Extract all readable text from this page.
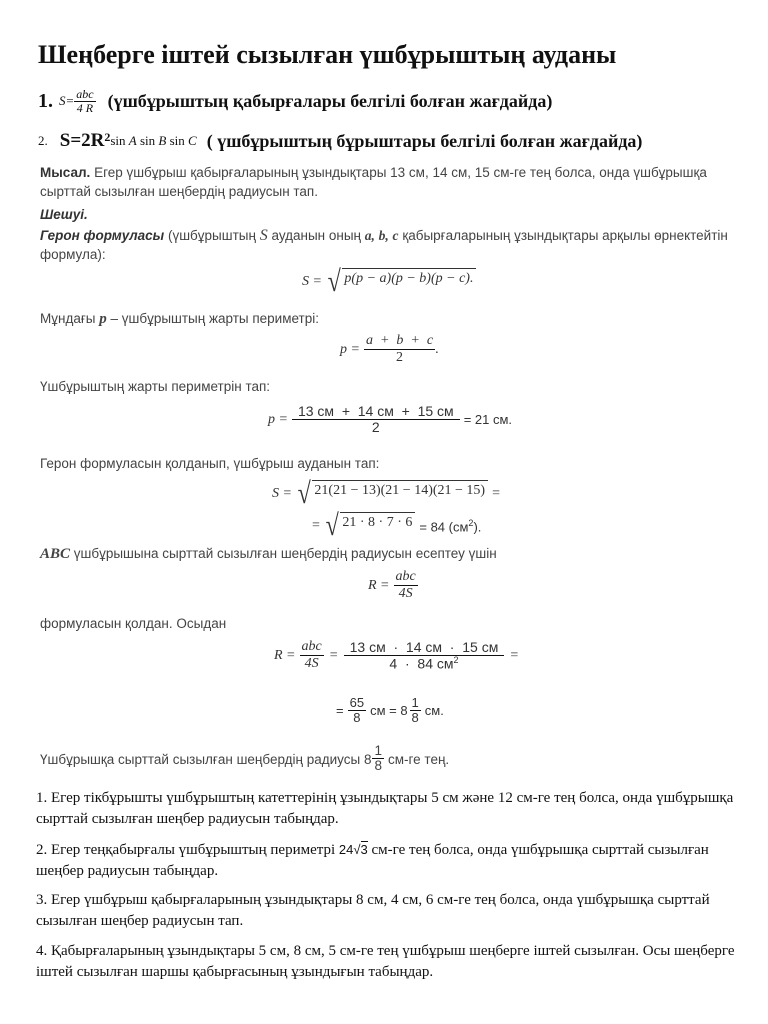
Шеңберге іштей сызылған үшбұрыштың ауданы
1. $S= \frac{\text{abc}}{4 R}$ (үшбұрыштың қабырғалары белгілі болған жағдайда)
2. $S=2R^2$ sin A sin B sin C ( үшбұрыштың бұрыштары белгілі болған жағдайда)
Мысал. Егер үшбұрыш қабырғаларының ұзындықтары 13 см, 14 см, 15 см-ге тең болса, онда үшбұрышқа сырттай сызылған шеңбердің радиусын тап.
Шешуі.
Герон формуласы (үшбұрыштың S ауданын оның a, b, c қабырғаларының ұзындықтары арқылы өрнектейтін формула):
S = √ p(p − a)(p − b)(p − c).
Мұндағы p – үшбұрыштың жарты периметрі:
$p = \frac{a + b + c}{2}$ .
Үшбұрыштың жарты периметрін тап:
$p = \frac{13 см + 14 см + 15 см}{2} = 21$ см.
Герон формуласын қолданып, үшбұрыш ауданын тап:
S = √ 21(21 − 13)(21 − 14)(21 − 15) =
= √ 21 · 8 · 7 · 6 = 84 $(см^2)$.
ABC үшбұрышына сырттай сызылған шеңбердің радиусын есептеу үшін
$R = \frac{\text{abc}}{4S}$
формуласын қолдан. Осыдан
$R = \frac{\text{abc}}{4S} = \frac{13 см \cdot 14 см \cdot 15 см}{4 \cdot 84 см^2}$ =
= $\frac{65}{8}$ см = $8 \frac{1}{8}$ см.
Үшбұрышқа сырттай сызылған шеңбердің радиусы $8 \frac{1}{8} см-ге$ тең.
1. Егер тікбұрышты үшбұрыштың катеттерінің ұзындықтары 5 см және 12 см-ге тең болса, онда үшбұрышқа сырттай сызылған шеңбер радиусын табыңдар.
2. Егер теңқабырғалы үшбұрыштың периметрі 24√3 см-ге тең болса, онда үшбұрышқа сырттай сызылған шеңбер радиусын табыңдар.
3. Егер үшбұрыш қабырғаларының ұзындықтары 8 см, 4 см, 6 см-ге тең болса, онда үшбұрышқа сырттай сызылған шеңбер радиусын тап.
4. Қабырғаларының ұзындықтары 5 см, 8 см, 5 см-ге тең үшбұрыш шеңберге іштей сызылған. Осы шеңберге іштей сызылған шаршы қабырғасының ұзындығын табыңдар.
